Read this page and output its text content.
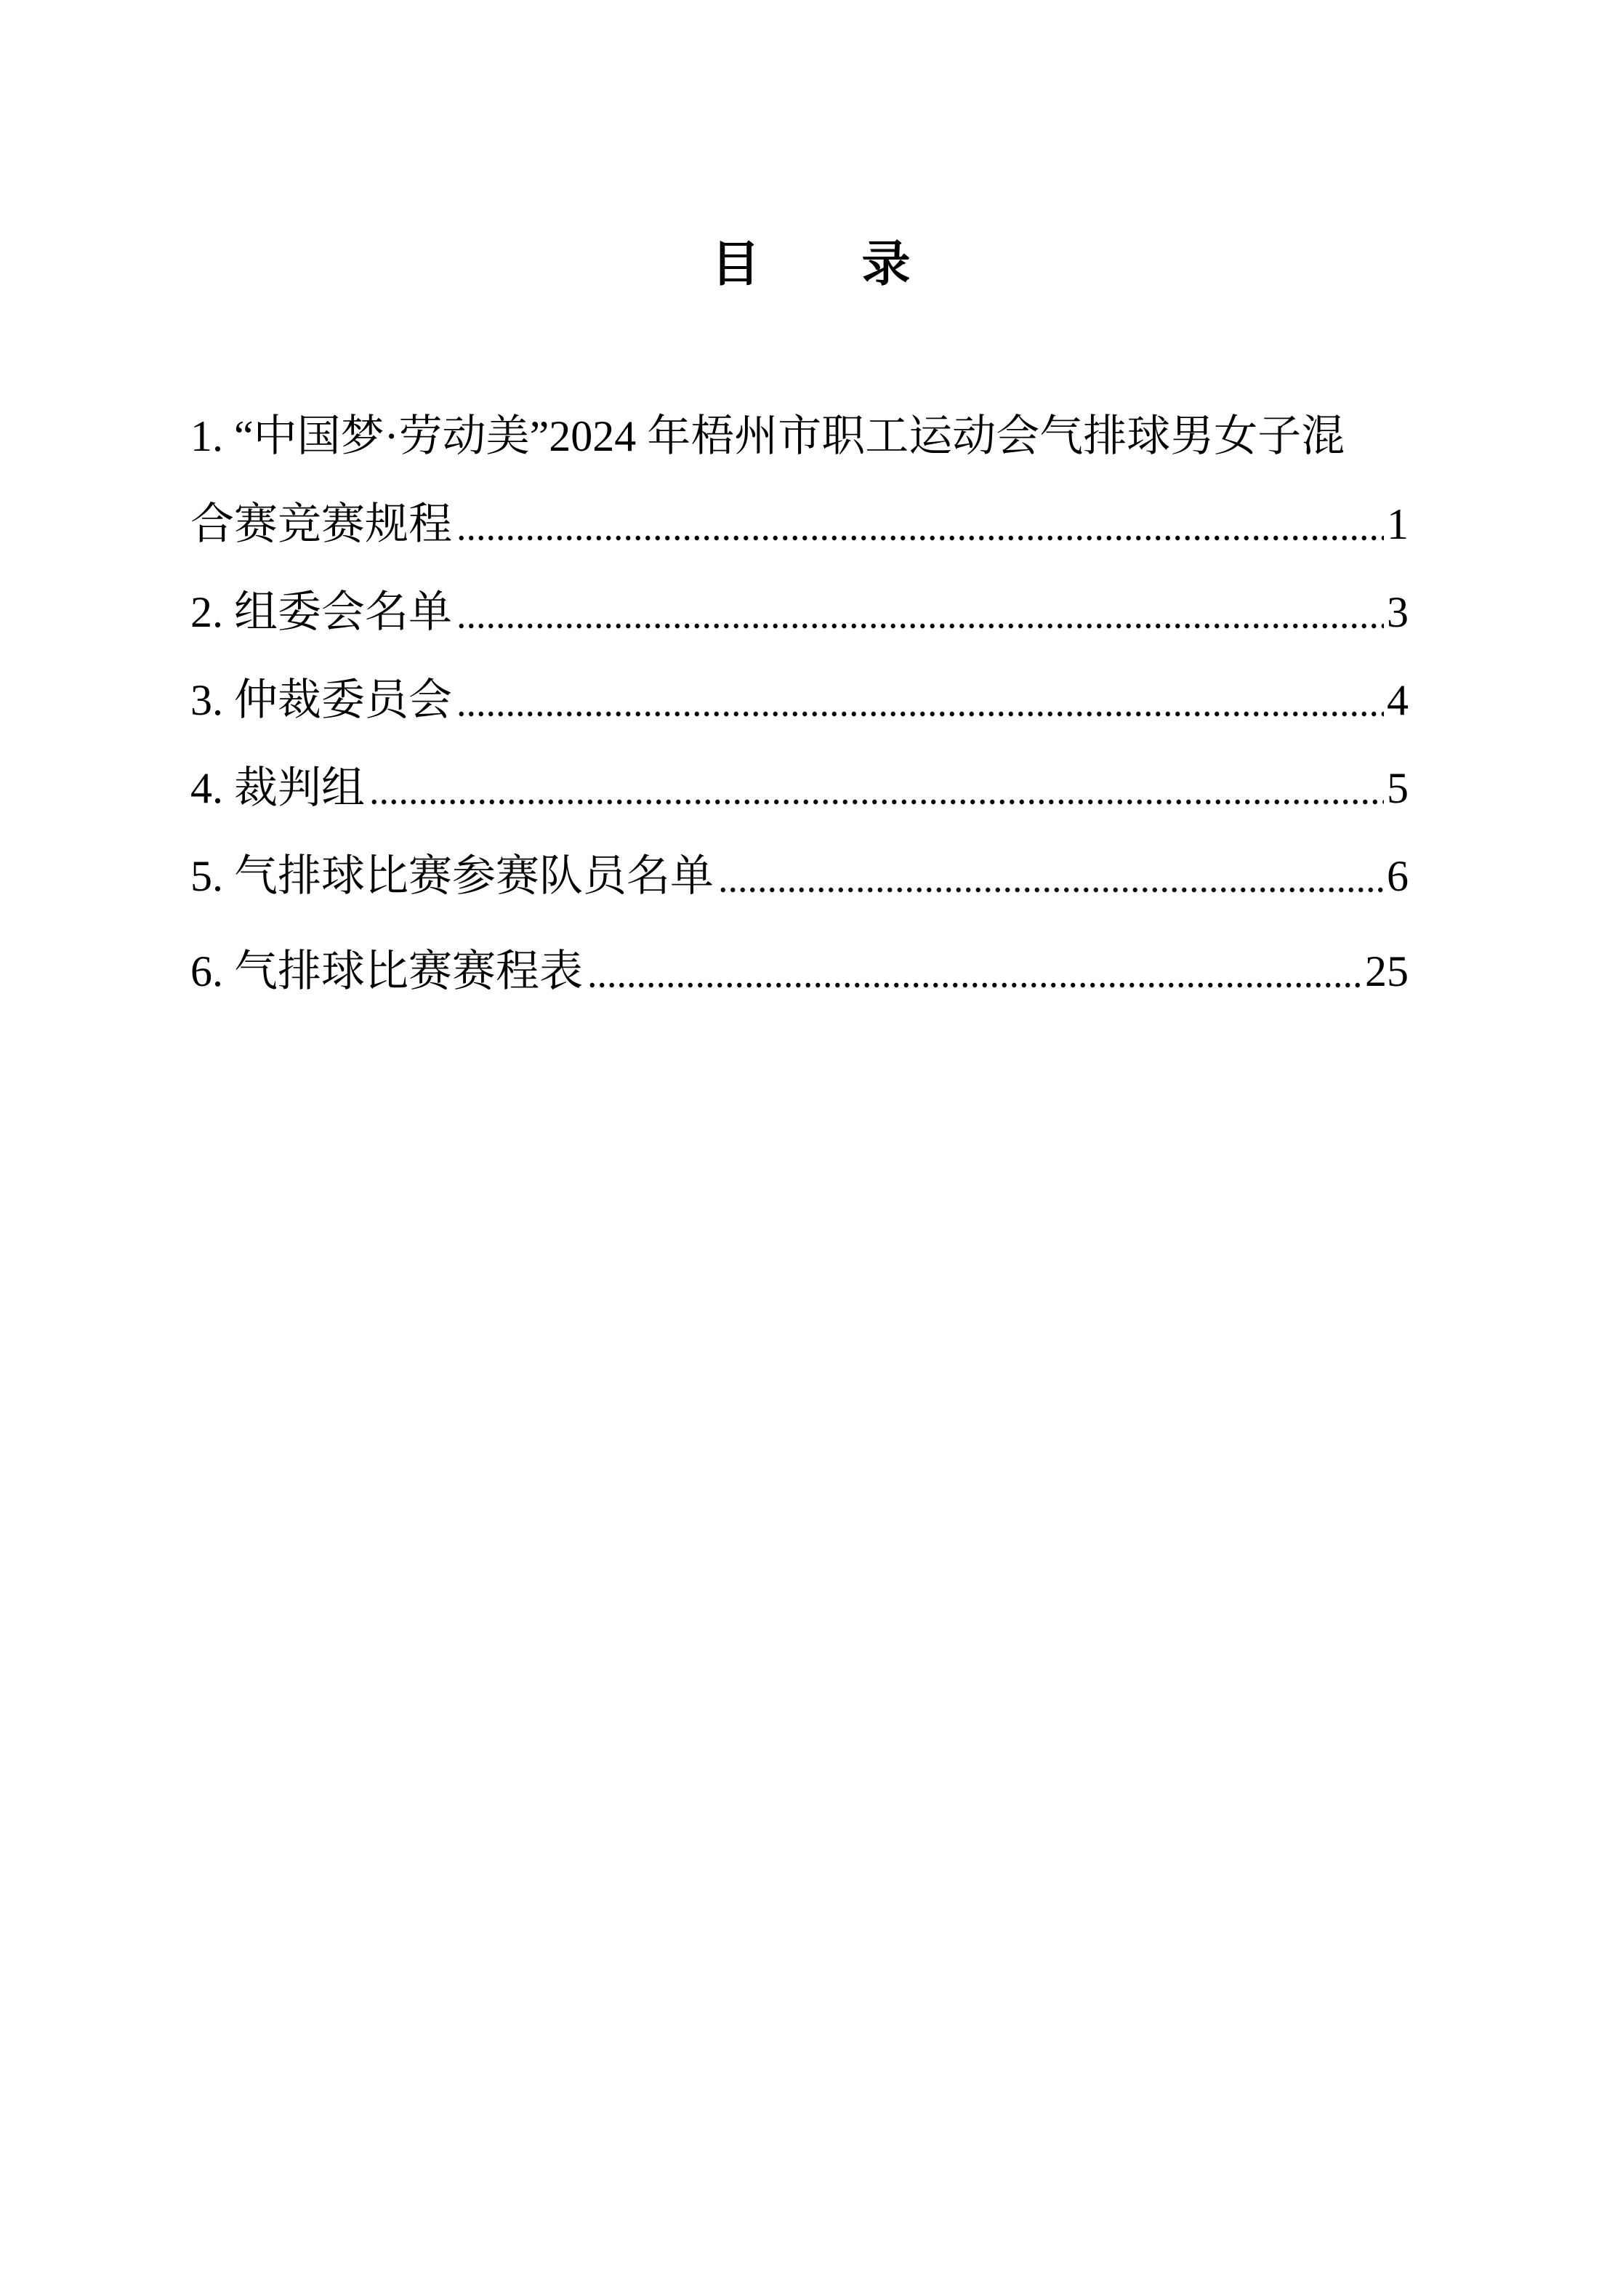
目　　录
1. “中国梦·劳动美”2024 年梧州市职工运动会气排球男女子混
合赛竞赛规程	1
2. 组委会名单	3
3. 仲裁委员会	4
4. 裁判组	5
5. 气排球比赛参赛队员名单	6
6. 气排球比赛赛程表	25
